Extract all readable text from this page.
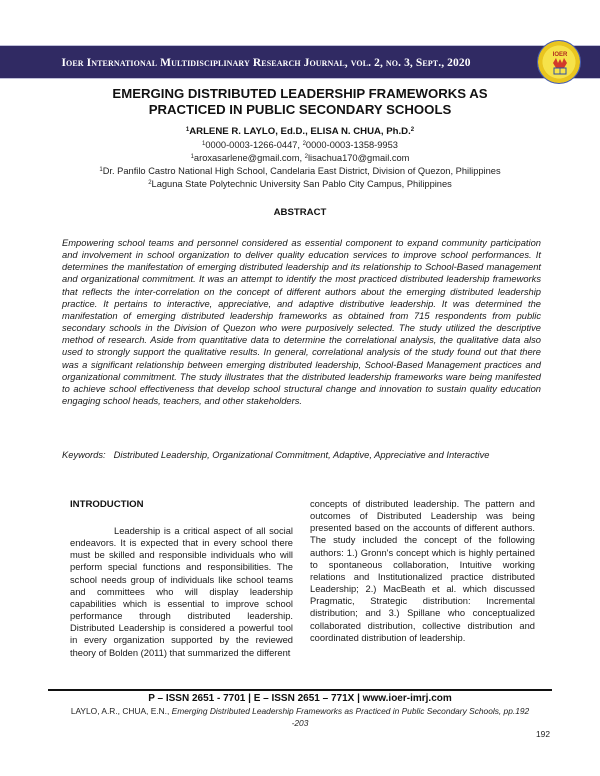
Ioer International Multidisciplinary Research Journal, vol. 2, no. 3, Sept., 2020
IOER
EMERGING DISTRIBUTED LEADERSHIP FRAMEWORKS AS
PRACTICED IN PUBLIC SECONDARY SCHOOLS
$^1$ARLENE R. LAYLO, Ed.D., ELISA N. CHUA, Ph.D.$^2$
$^1$0000-0003-1266-0447, $^2$0000-0003-1358-9953
$^1$aroxasarlene@gmail.com, $^2$lisachua170@gmail.com
$^1$Dr. Panfilo Castro National High School, Candelaria East District, Division of Quezon, Philippines
$^2$Laguna State Polytechnic University San Pablo City Campus, Philippines
ABSTRACT
Empowering school teams and personnel considered as essential component to expand community participation and involvement in school organization to deliver quality education services to improve school performances. It determines the manifestation of emerging distributed leadership and its relationship to School-Based management and organizational commitment. It was an attempt to identify the most practiced distributed leadership frameworks that reflects the inter-correlation on the concept of different authors about the emerging distributed leadership practice. It pertains to interactive, appreciative, and adaptive distributive leadership. It was determined the manifestation of emerging distributed leadership frameworks as obtained from 715 respondents from public secondary schools in the Division of Quezon who were purposively selected. The study utilized the descriptive method of research. Aside from quantitative data to determine the correlational analysis, the qualitative data also used to strongly support the qualitative results. In general, correlational analysis of the study found out that there was a significant relationship between emerging distributed leadership, School-Based Management practices and organizational commitment. The study illustrates that the distributed leadership frameworks ware being manifested to achieve school effectiveness that develop school structural change and innovation to sustain quality education engaging school heads, teachers, and other stakeholders.
Keywords: Distributed Leadership, Organizational Commitment, Adaptive, Appreciative and Interactive
INTRODUCTION
Leadership is a critical aspect of all social endeavors. It is expected that in every school there must be skilled and responsible individuals who will perform special functions and responsibilities. The school needs group of individuals like school teams and committees who will display leadership capabilities which is essential to improve school performance through distributed leadership. Distributed Leadership is considered a powerful tool in every organization supported by the reviewed theory of Bolden (2011) that summarized the different
concepts of distributed leadership. The pattern and outcomes of Distributed Leadership was being presented based on the accounts of different authors. The study included the concept of the following authors: 1.) Gronn's concept which is highly pertained to spontaneous collaboration, Intuitive working relations and Institutionalized practice distributed Leadership; 2.) MacBeath et al. which discussed Pragmatic, Strategic distribution: Incremental distribution; and 3.) Spillane who conceptualized collaborated distribution, collective distribution and coordinated distribution of leadership.
P – ISSN 2651 - 7701 | E – ISSN 2651 – 771X | www.ioer-imrj.com
LAYLO, A.R., CHUA, E.N., Emerging Distributed Leadership Frameworks as Practiced in Public Secondary Schools, pp.192 -203
192
